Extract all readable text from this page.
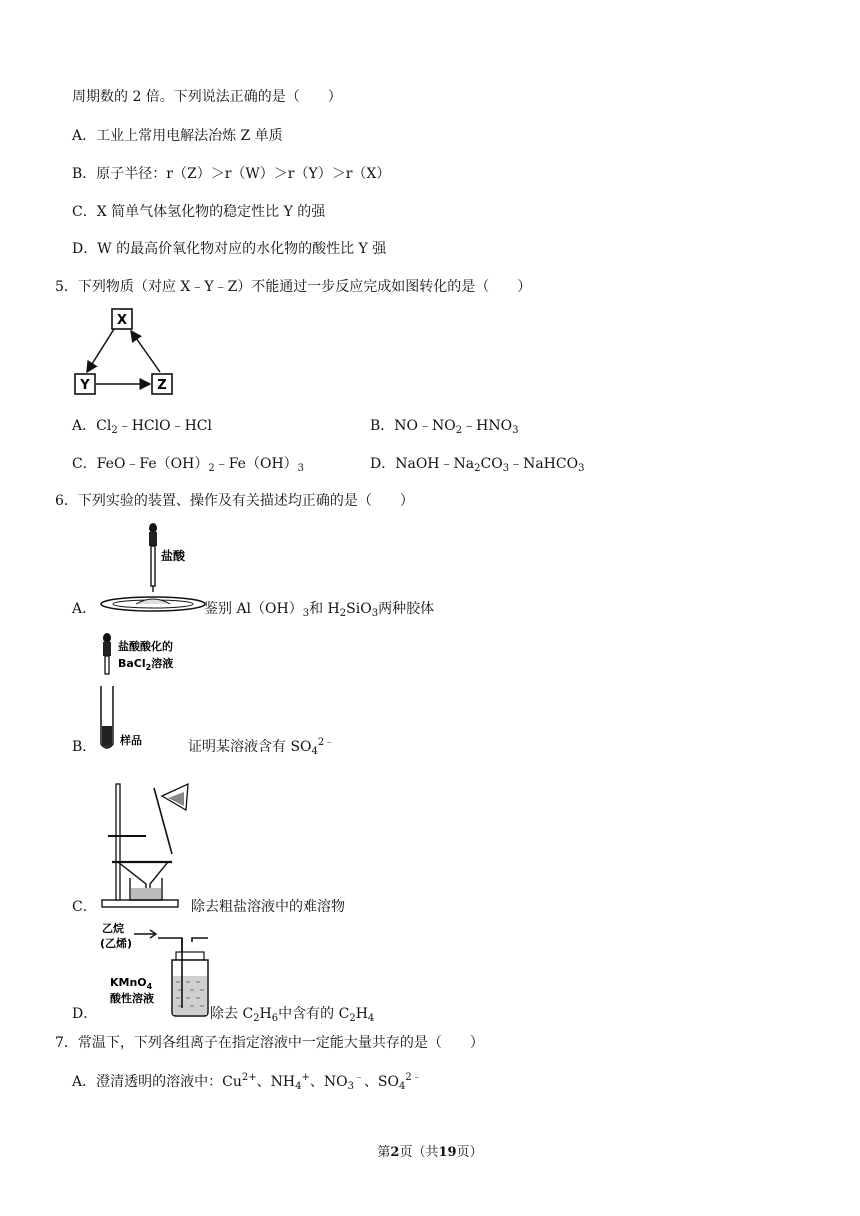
周期数的 2 倍。下列说法正确的是（　　）
A．工业上常用电解法冶炼 Z 单质
B．原子半径：r（Z）＞r（W）＞r（Y）＞r（X）
C．X 简单气体氢化物的稳定性比 Y 的强
D．W 的最高价氧化物对应的水化物的酸性比 Y 强
5．下列物质（对应 X﹣Y﹣Z）不能通过一步反应完成如图转化的是（　　）
X
Y	Z
A．$Cl_2﹣HClO﹣HCl$	B．$NO﹣NO_2﹣HNO_3$
C．$FeO﹣Fe(OH)_2﹣Fe(OH)_3$	D．$NaOH﹣Na_2CO_3﹣NaHCO_3$
6．下列实验的装置、操作及有关描述均正确的是（　　）
盐酸
A．	鉴别 $Al(OH)_3$和 $H_2SiO_3$两种胶体
盐酸酸化的
BaCl$_2$溶液
样品
B．	证明某溶液含有 $SO_4^{2﹣}$
C．	除去粗盐溶液中的难溶物
乙烷
(乙烯)
KMnO$_4$
酸性溶液
D．	除去 $C_2H_6$中含有的 $C_2H_4$
7．常温下，下列各组离子在指定溶液中一定能大量共存的是（　　）
A．澄清透明的溶液中：$Cu^{2+}$、$NH_4^+$、$NO_3^﹣$、$SO_4^{2﹣}$
第2页（共19页）
